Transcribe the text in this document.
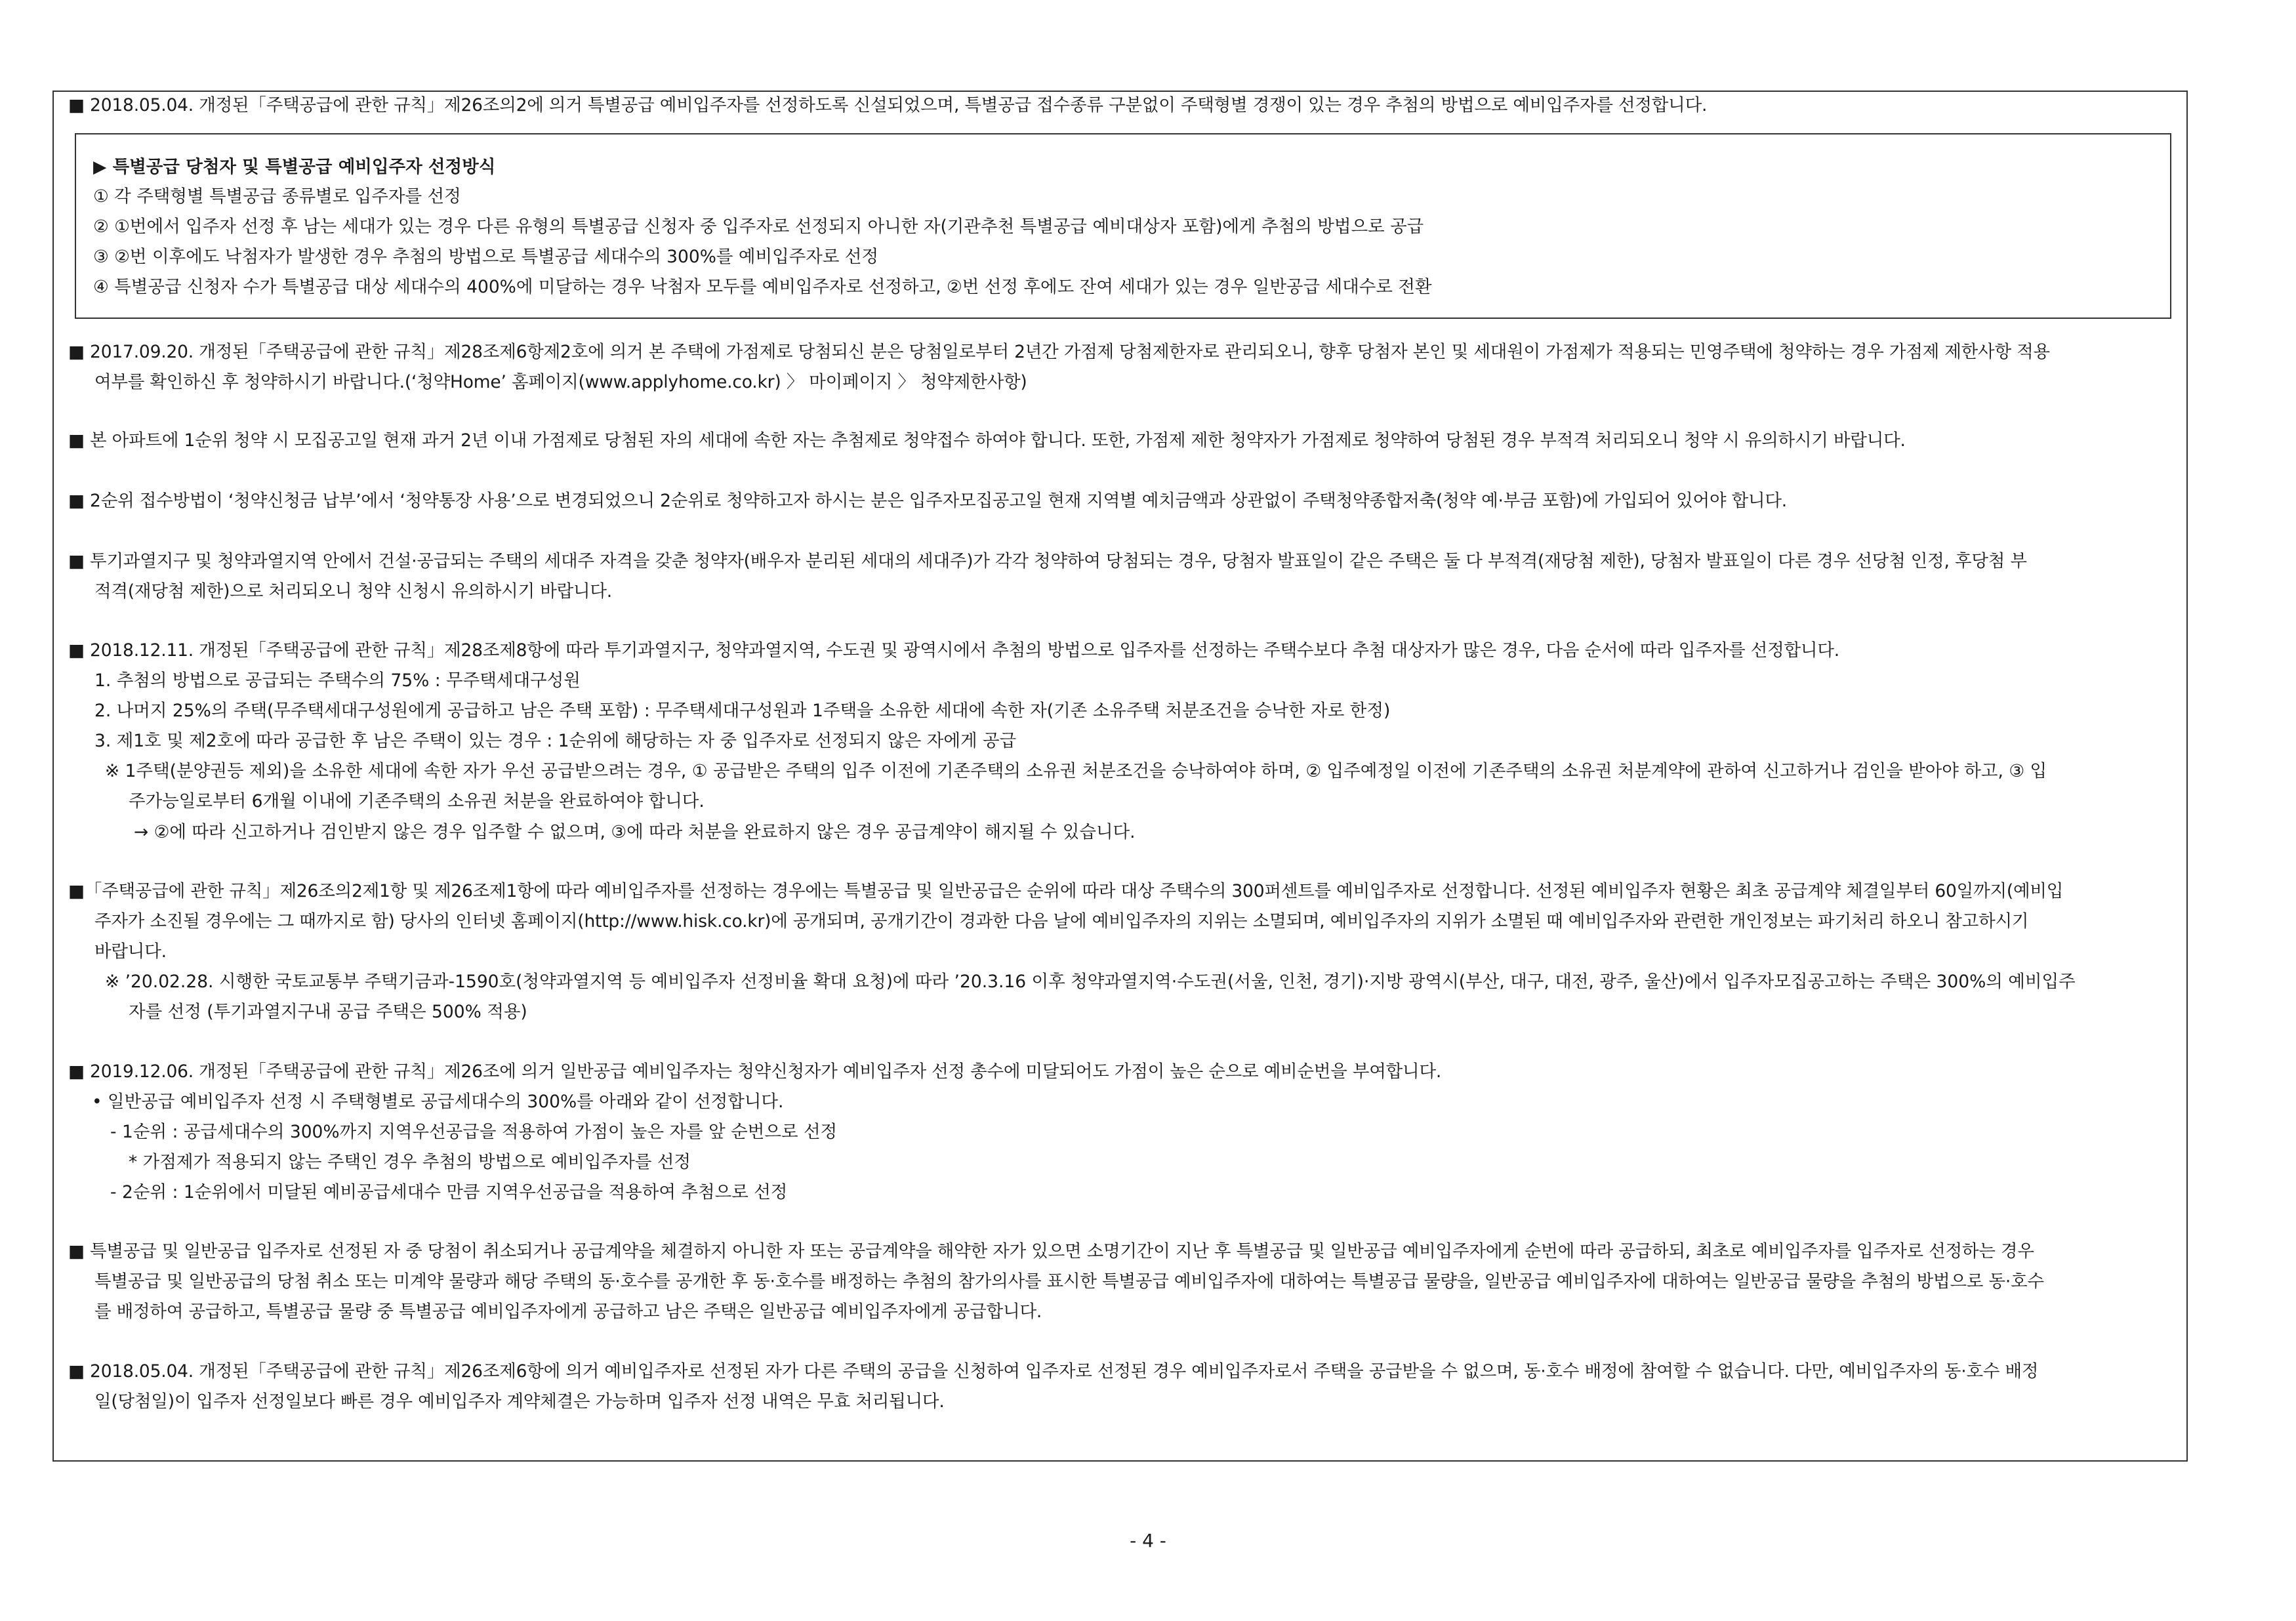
■ 2018.05.04. 개정된「주택공급에 관한 규칙」제26조의2에 의거 특별공급 예비입주자를 선정하도록 신설되었으며, 특별공급 접수종류 구분없이 주택형별 경쟁이 있는 경우 추첨의 방법으로 예비입주자를 선정합니다.
▶ 특별공급 당첨자 및 특별공급 예비입주자 선정방식
① 각 주택형별 특별공급 종류별로 입주자를 선정
② ①번에서 입주자 선정 후 남는 세대가 있는 경우 다른 유형의 특별공급 신청자 중 입주자로 선정되지 아니한 자(기관추천 특별공급 예비대상자 포함)에게 추첨의 방법으로 공급
③ ②번 이후에도 낙첨자가 발생한 경우 추첨의 방법으로 특별공급 세대수의 300%를 예비입주자로 선정
④ 특별공급 신청자 수가 특별공급 대상 세대수의 400%에 미달하는 경우 낙첨자 모두를 예비입주자로 선정하고, ②번 선정 후에도 잔여 세대가 있는 경우 일반공급 세대수로 전환
■ 2017.09.20. 개정된「주택공급에 관한 규칙」제28조제6항제2호에 의거 본 주택에 가점제로 당첨되신 분은 당첨일로부터 2년간 가점제 당첨제한자로 관리되오니, 향후 당첨자 본인 및 세대원이 가점제가 적용되는 민영주택에 청약하는 경우 가점제 제한사항 적용
여부를 확인하신 후 청약하시기 바랍니다.(‘청약Home’ 홈페이지(www.applyhome.co.kr) 〉 마이페이지 〉 청약제한사항)
■ 본 아파트에 1순위 청약 시 모집공고일 현재 과거 2년 이내 가점제로 당첨된 자의 세대에 속한 자는 추첨제로 청약접수 하여야 합니다. 또한, 가점제 제한 청약자가 가점제로 청약하여 당첨된 경우 부적격 처리되오니 청약 시 유의하시기 바랍니다.
■ 2순위 접수방법이 ‘청약신청금 납부’에서 ‘청약통장 사용’으로 변경되었으니 2순위로 청약하고자 하시는 분은 입주자모집공고일 현재 지역별 예치금액과 상관없이 주택청약종합저축(청약 예·부금 포함)에 가입되어 있어야 합니다.
■ 투기과열지구 및 청약과열지역 안에서 건설·공급되는 주택의 세대주 자격을 갖춘 청약자(배우자 분리된 세대의 세대주)가 각각 청약하여 당첨되는 경우, 당첨자 발표일이 같은 주택은 둘 다 부적격(재당첨 제한), 당첨자 발표일이 다른 경우 선당첨 인정, 후당첨 부
적격(재당첨 제한)으로 처리되오니 청약 신청시 유의하시기 바랍니다.
■ 2018.12.11. 개정된「주택공급에 관한 규칙」제28조제8항에 따라 투기과열지구, 청약과열지역, 수도권 및 광역시에서 추첨의 방법으로 입주자를 선정하는 주택수보다 추첨 대상자가 많은 경우, 다음 순서에 따라 입주자를 선정합니다.
1. 추첨의 방법으로 공급되는 주택수의 75% : 무주택세대구성원
2. 나머지 25%의 주택(무주택세대구성원에게 공급하고 남은 주택 포함) : 무주택세대구성원과 1주택을 소유한 세대에 속한 자(기존 소유주택 처분조건을 승낙한 자로 한정)
3. 제1호 및 제2호에 따라 공급한 후 남은 주택이 있는 경우 : 1순위에 해당하는 자 중 입주자로 선정되지 않은 자에게 공급
※ 1주택(분양권등 제외)을 소유한 세대에 속한 자가 우선 공급받으려는 경우, ① 공급받은 주택의 입주 이전에 기존주택의 소유권 처분조건을 승낙하여야 하며, ② 입주예정일 이전에 기존주택의 소유권 처분계약에 관하여 신고하거나 검인을 받아야 하고, ③ 입
주가능일로부터 6개월 이내에 기존주택의 소유권 처분을 완료하여야 합니다.
→ ②에 따라 신고하거나 검인받지 않은 경우 입주할 수 없으며, ③에 따라 처분을 완료하지 않은 경우 공급계약이 해지될 수 있습니다.
■「주택공급에 관한 규칙」제26조의2제1항 및 제26조제1항에 따라 예비입주자를 선정하는 경우에는 특별공급 및 일반공급은 순위에 따라 대상 주택수의 300퍼센트를 예비입주자로 선정합니다. 선정된 예비입주자 현황은 최초 공급계약 체결일부터 60일까지(예비입
주자가 소진될 경우에는 그 때까지로 함) 당사의 인터넷 홈페이지(http://www.hisk.co.kr)에 공개되며, 공개기간이 경과한 다음 날에 예비입주자의 지위는 소멸되며, 예비입주자의 지위가 소멸된 때 예비입주자와 관련한 개인정보는 파기처리 하오니 참고하시기
바랍니다.
※ ’20.02.28. 시행한 국토교통부 주택기금과-1590호(청약과열지역 등 예비입주자 선정비율 확대 요청)에 따라 ’20.3.16 이후 청약과열지역·수도권(서울, 인천, 경기)·지방 광역시(부산, 대구, 대전, 광주, 울산)에서 입주자모집공고하는 주택은 300%의 예비입주
자를 선정 (투기과열지구내 공급 주택은 500% 적용)
■ 2019.12.06. 개정된「주택공급에 관한 규칙」제26조에 의거 일반공급 예비입주자는 청약신청자가 예비입주자 선정 총수에 미달되어도 가점이 높은 순으로 예비순번을 부여합니다.
• 일반공급 예비입주자 선정 시 주택형별로 공급세대수의 300%를 아래와 같이 선정합니다.
- 1순위 : 공급세대수의 300%까지 지역우선공급을 적용하여 가점이 높은 자를 앞 순번으로 선정
* 가점제가 적용되지 않는 주택인 경우 추첨의 방법으로 예비입주자를 선정
- 2순위 : 1순위에서 미달된 예비공급세대수 만큼 지역우선공급을 적용하여 추첨으로 선정
■ 특별공급 및 일반공급 입주자로 선정된 자 중 당첨이 취소되거나 공급계약을 체결하지 아니한 자 또는 공급계약을 해약한 자가 있으면 소명기간이 지난 후 특별공급 및 일반공급 예비입주자에게 순번에 따라 공급하되, 최초로 예비입주자를 입주자로 선정하는 경우
특별공급 및 일반공급의 당첨 취소 또는 미계약 물량과 해당 주택의 동·호수를 공개한 후 동·호수를 배정하는 추첨의 참가의사를 표시한 특별공급 예비입주자에 대하여는 특별공급 물량을, 일반공급 예비입주자에 대하여는 일반공급 물량을 추첨의 방법으로 동·호수
를 배정하여 공급하고, 특별공급 물량 중 특별공급 예비입주자에게 공급하고 남은 주택은 일반공급 예비입주자에게 공급합니다.
■ 2018.05.04. 개정된「주택공급에 관한 규칙」제26조제6항에 의거 예비입주자로 선정된 자가 다른 주택의 공급을 신청하여 입주자로 선정된 경우 예비입주자로서 주택을 공급받을 수 없으며, 동·호수 배정에 참여할 수 없습니다. 다만, 예비입주자의 동·호수 배정
일(당첨일)이 입주자 선정일보다 빠른 경우 예비입주자 계약체결은 가능하며 입주자 선정 내역은 무효 처리됩니다.
- 4 -
